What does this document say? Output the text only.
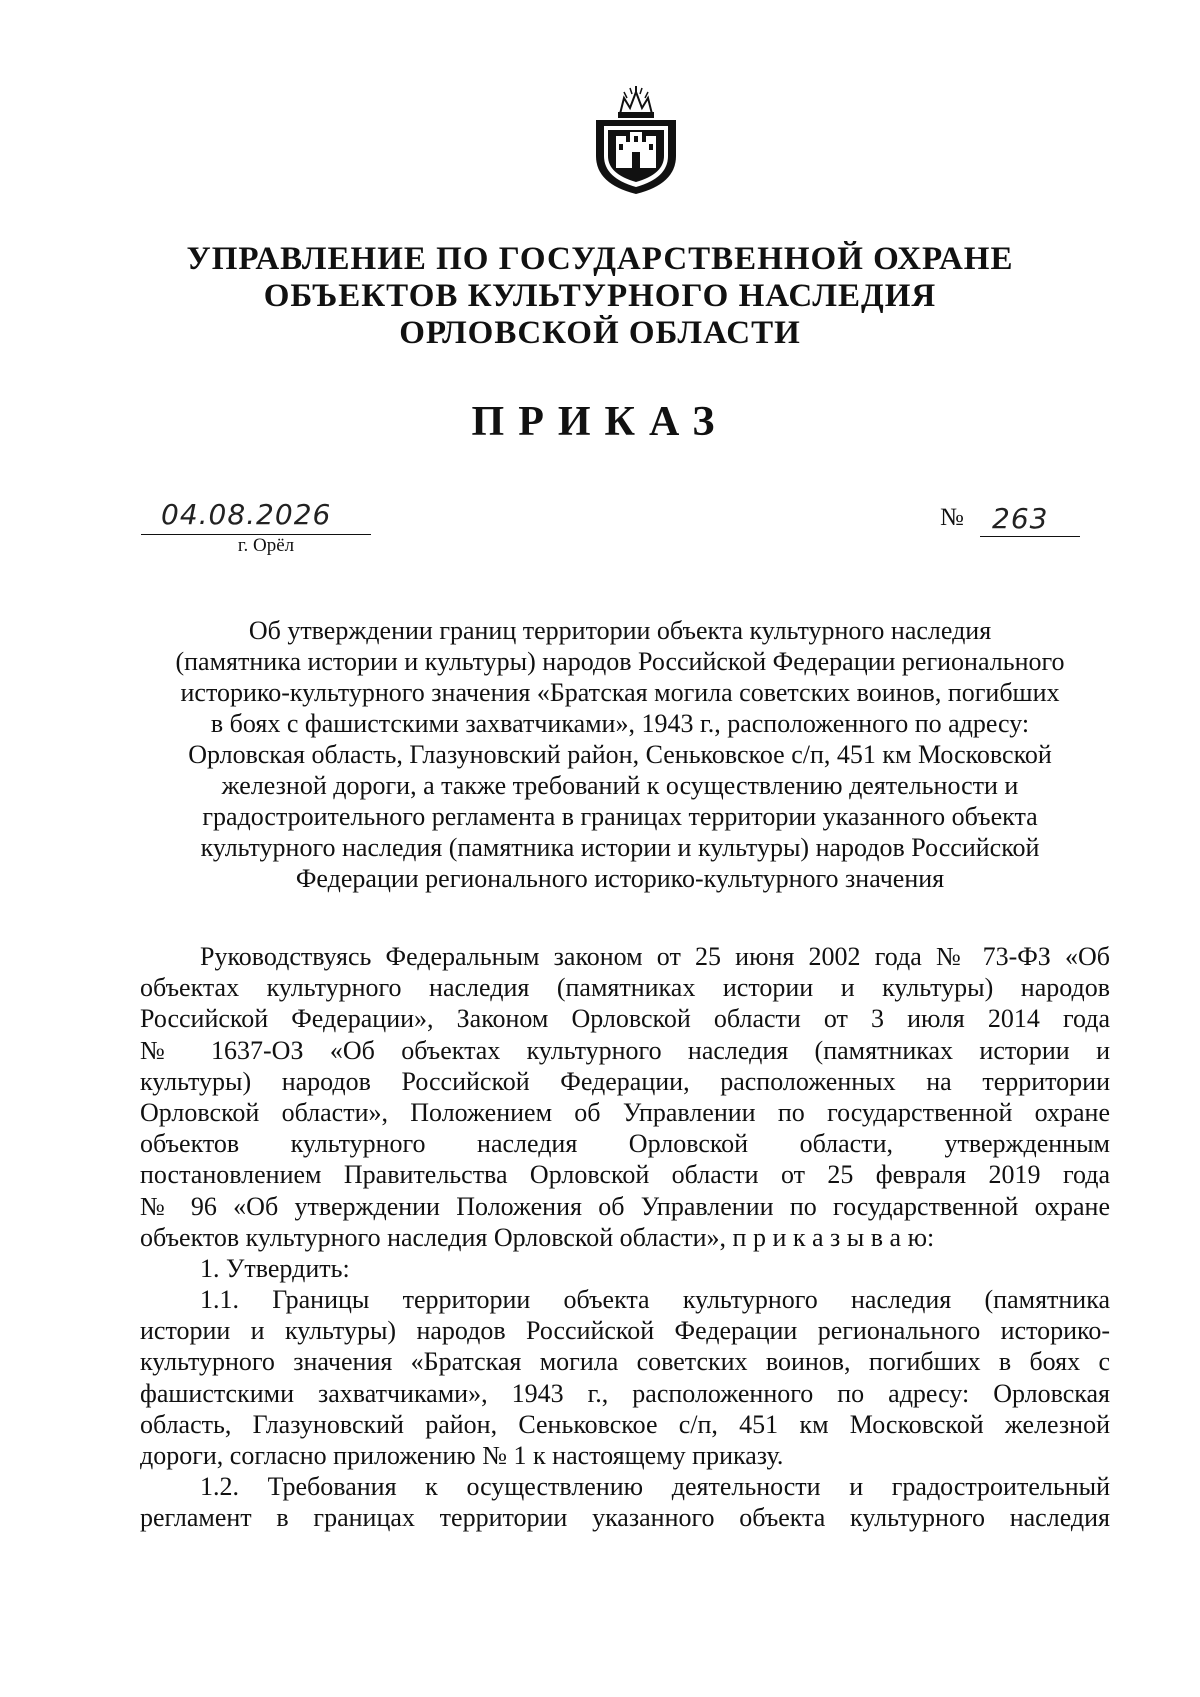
УПРАВЛЕНИЕ ПО ГОСУДАРСТВЕННОЙ ОХРАНЕ
ОБЪЕКТОВ КУЛЬТУРНОГО НАСЛЕДИЯ
ОРЛОВСКОЙ ОБЛАСТИ
ПРИКАЗ
04.08.2026
г. Орёл
№ 263
Об утверждении границ территории объекта культурного наследия
(памятника истории и культуры) народов Российской Федерации регионального
историко-культурного значения «Братская могила советских воинов, погибших
в боях с фашистскими захватчиками», 1943 г., расположенного по адресу:
Орловская область, Глазуновский район, Сеньковское с/п, 451 км Московской
железной дороги, а также требований к осуществлению деятельности и
градостроительного регламента в границах территории указанного объекта
культурного наследия (памятника истории и культуры) народов Российской
Федерации регионального историко-культурного значения
Руководствуясь Федеральным законом от 25 июня 2002 года № 73-ФЗ «Об
объектах культурного наследия (памятниках истории и культуры) народов
Российской Федерации», Законом Орловской области от 3 июля 2014 года
№ 1637-ОЗ «Об объектах культурного наследия (памятниках истории и
культуры) народов Российской Федерации, расположенных на территории
Орловской области», Положением об Управлении по государственной охране
объектов культурного наследия Орловской области, утвержденным
постановлением Правительства Орловской области от 25 февраля 2019 года
№ 96 «Об утверждении Положения об Управлении по государственной охране
объектов культурного наследия Орловской области», п р и к а з ы в а ю:
1. Утвердить:
1.1. Границы территории объекта культурного наследия (памятника
истории и культуры) народов Российской Федерации регионального историко-
культурного значения «Братская могила советских воинов, погибших в боях с
фашистскими захватчиками», 1943 г., расположенного по адресу: Орловская
область, Глазуновский район, Сеньковское с/п, 451 км Московской железной
дороги, согласно приложению № 1 к настоящему приказу.
1.2. Требования к осуществлению деятельности и градостроительный
регламент в границах территории указанного объекта культурного наследия
